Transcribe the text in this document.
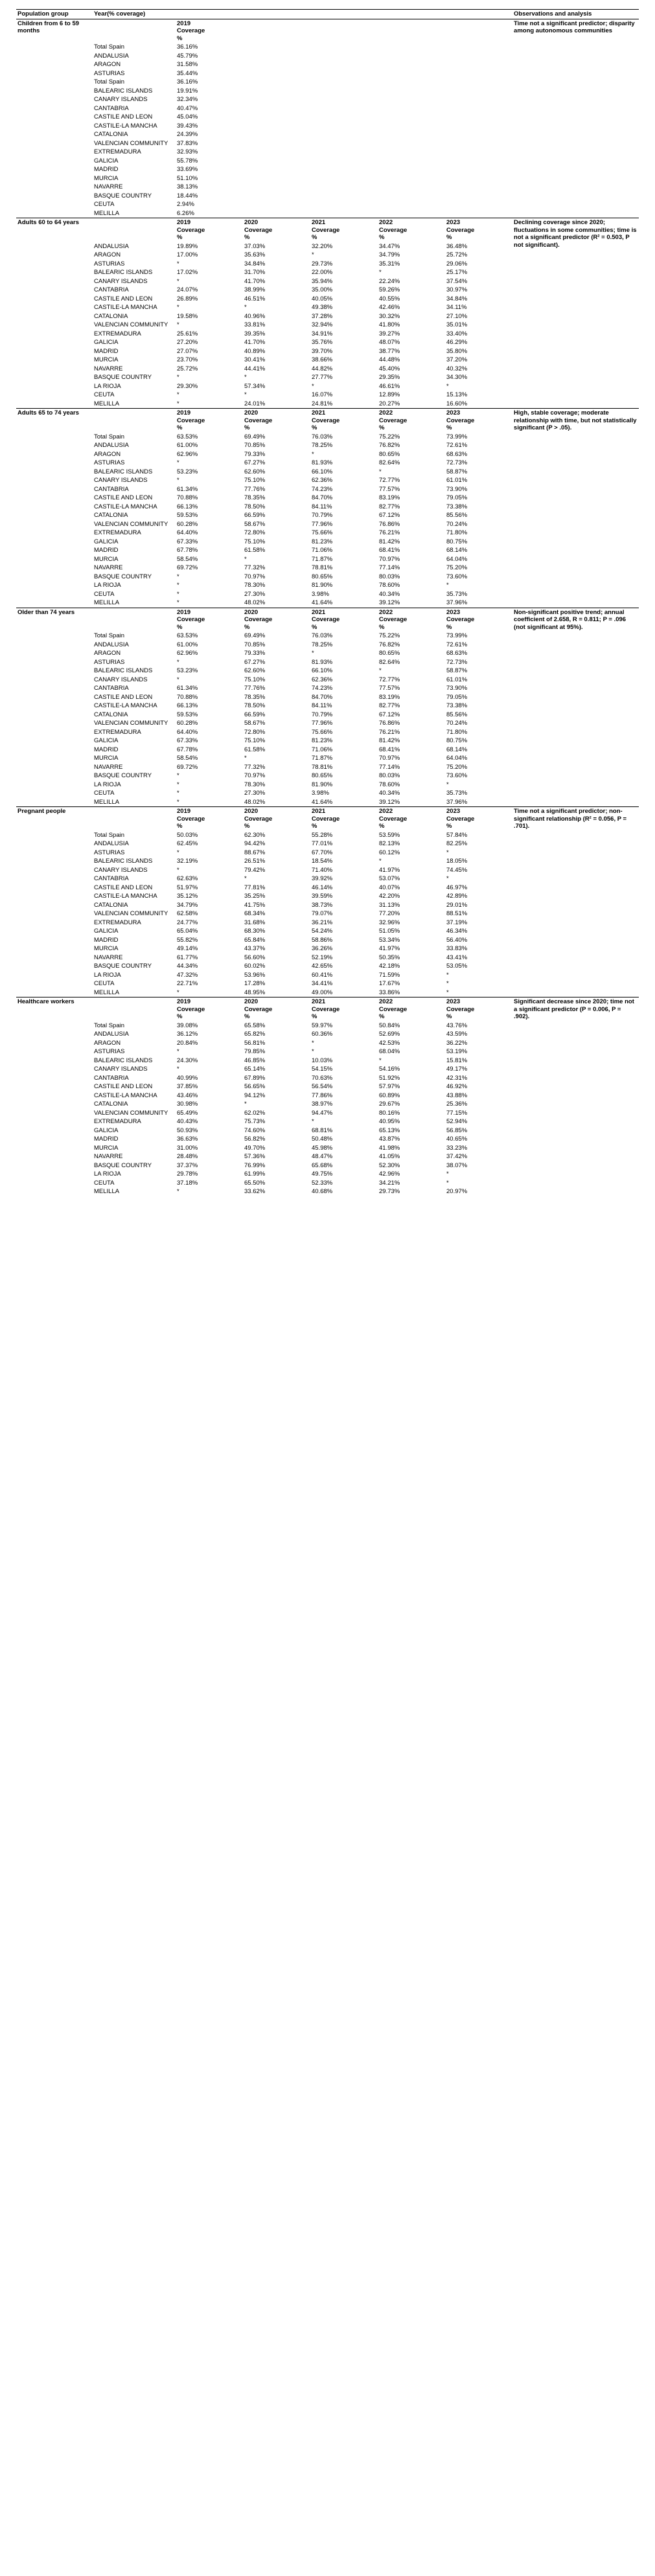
Population group	Year(% coverage)						Observations and analysis
Children from 6 to 59 months		2019
Coverage
%					Time not a significant predictor; disparity among autonomous communities
	Total Spain	36.16%					
	ANDALUSIA	45.79%					
	ARAGON	31.58%					
	ASTURIAS	35.44%					
	Total Spain	36.16%					
	BALEARIC ISLANDS	19.91%					
	CANARY ISLANDS	32.34%					
	CANTABRIA	40.47%					
	CASTILE AND LEON	45.04%					
	CASTILE-LA MANCHA	39.43%					
	CATALONIA	24.39%					
	VALENCIAN COMMUNITY	37.83%					
	EXTREMADURA	32.93%					
	GALICIA	55.78%					
	MADRID	33.69%					
	MURCIA	51.10%					
	NAVARRE	38.13%					
	BASQUE COUNTRY	18.44%					
	CEUTA	2.94%					
	MELILLA	6.26%					
Adults 60 to 64 years		2019
Coverage
%	2020
Coverage
%	2021
Coverage
%	2022
Coverage
%	2023
Coverage
%	Declining coverage since 2020; fluctuations in some communities; time is not a significant predictor (R² = 0.503, P not significant).
	ANDALUSIA	19.89%	37.03%	32.20%	34.47%	36.48%	
	ARAGON	17.00%	35.63%	*	34.79%	25.72%	
	ASTURIAS	*	34.84%	29.73%	35.31%	29.06%	
	BALEARIC ISLANDS	17.02%	31.70%	22.00%	*	25.17%	
	CANARY ISLANDS	*	41.70%	35.94%	22.24%	37.54%	
	CANTABRIA	24.07%	38.99%	35.00%	59.26%	30.97%	
	CASTILE AND LEON	26.89%	46.51%	40.05%	40.55%	34.84%	
	CASTILE-LA MANCHA	*	*	49.38%	42.46%	34.11%	
	CATALONIA	19.58%	40.96%	37.28%	30.32%	27.10%	
	VALENCIAN COMMUNITY	*	33.81%	32.94%	41.80%	35.01%	
	EXTREMADURA	25.61%	39.35%	34.91%	39.27%	33.40%	
	GALICIA	27.20%	41.70%	35.76%	48.07%	46.29%	
	MADRID	27.07%	40.89%	39.70%	38.77%	35.80%	
	MURCIA	23.70%	30.41%	38.66%	44.48%	37.20%	
	NAVARRE	25.72%	44.41%	44.82%	45.40%	40.32%	
	BASQUE COUNTRY	*	*	27.77%	29.35%	34.30%	
	LA RIOJA	29.30%	57.34%	*	46.61%	*	
	CEUTA	*	*	16.07%	12.89%	15.13%	
	MELILLA	*	24.01%	24.81%	20.27%	16.60%	
Adults 65 to 74 years		2019
Coverage
%	2020
Coverage
%	2021
Coverage
%	2022
Coverage
%	2023
Coverage
%	High, stable coverage; moderate relationship with time, but not statistically significant (P > .05).
	Total Spain	63.53%	69.49%	76.03%	75.22%	73.99%	
	ANDALUSIA	61.00%	70.85%	78.25%	76.82%	72.61%	
	ARAGON	62.96%	79.33%	*	80.65%	68.63%	
	ASTURIAS	*	67.27%	81.93%	82.64%	72.73%	
	BALEARIC ISLANDS	53.23%	62.60%	66.10%	*	58.87%	
	CANARY ISLANDS	*	75.10%	62.36%	72.77%	61.01%	
	CANTABRIA	61.34%	77.76%	74.23%	77.57%	73.90%	
	CASTILE AND LEON	70.88%	78.35%	84.70%	83.19%	79.05%	
	CASTILE-LA MANCHA	66.13%	78.50%	84.11%	82.77%	73.38%	
	CATALONIA	59.53%	66.59%	70.79%	67.12%	85.56%	
	VALENCIAN COMMUNITY	60.28%	58.67%	77.96%	76.86%	70.24%	
	EXTREMADURA	64.40%	72.80%	75.66%	76.21%	71.80%	
	GALICIA	67.33%	75.10%	81.23%	81.42%	80.75%	
	MADRID	67.78%	61.58%	71.06%	68.41%	68.14%	
	MURCIA	58.54%	*	71.87%	70.97%	64.04%	
	NAVARRE	69.72%	77.32%	78.81%	77.14%	75.20%	
	BASQUE COUNTRY	*	70.97%	80.65%	80.03%	73.60%	
	LA RIOJA	*	78.30%	81.90%	78.60%	*	
	CEUTA	*	27.30%	3.98%	40.34%	35.73%	
	MELILLA	*	48.02%	41.64%	39.12%	37.96%	
Older than 74 years		2019
Coverage
%	2020
Coverage
%	2021
Coverage
%	2022
Coverage
%	2023
Coverage
%	Non-significant positive trend; annual coefficient of 2.658, R = 0.811; P = .096 (not significant at 95%).
	Total Spain	63.53%	69.49%	76.03%	75.22%	73.99%	
	ANDALUSIA	61.00%	70.85%	78.25%	76.82%	72.61%	
	ARAGON	62.96%	79.33%	*	80.65%	68.63%	
	ASTURIAS	*	67.27%	81.93%	82.64%	72.73%	
	BALEARIC ISLANDS	53.23%	62.60%	66.10%	*	58.87%	
	CANARY ISLANDS	*	75.10%	62.36%	72.77%	61.01%	
	CANTABRIA	61.34%	77.76%	74.23%	77.57%	73.90%	
	CASTILE AND LEON	70.88%	78.35%	84.70%	83.19%	79.05%	
	CASTILE-LA MANCHA	66.13%	78.50%	84.11%	82.77%	73.38%	
	CATALONIA	59.53%	66.59%	70.79%	67.12%	85.56%	
	VALENCIAN COMMUNITY	60.28%	58.67%	77.96%	76.86%	70.24%	
	EXTREMADURA	64.40%	72.80%	75.66%	76.21%	71.80%	
	GALICIA	67.33%	75.10%	81.23%	81.42%	80.75%	
	MADRID	67.78%	61.58%	71.06%	68.41%	68.14%	
	MURCIA	58.54%	*	71.87%	70.97%	64.04%	
	NAVARRE	69.72%	77.32%	78.81%	77.14%	75.20%	
	BASQUE COUNTRY	*	70.97%	80.65%	80.03%	73.60%	
	LA RIOJA	*	78.30%	81.90%	78.60%	*	
	CEUTA	*	27.30%	3.98%	40.34%	35.73%	
	MELILLA	*	48.02%	41.64%	39.12%	37.96%	
Pregnant people		2019
Coverage
%	2020
Coverage
%	2021
Coverage
%	2022
Coverage
%	2023
Coverage
%	Time not a significant predictor; non-significant relationship (R² = 0.056, P = .701).
	Total Spain	50.03%	62.30%	55.28%	53.59%	57.84%	
	ANDALUSIA	62.45%	94.42%	77.01%	82.13%	82.25%	
	ASTURIAS	*	88.67%	67.70%	60.12%	*	
	BALEARIC ISLANDS	32.19%	26.51%	18.54%	*	18.05%	
	CANARY ISLANDS	*	79.42%	71.40%	41.97%	74.45%	
	CANTABRIA	62.63%	*	39.92%	53.07%	*	
	CASTILE AND LEON	51.97%	77.81%	46.14%	40.07%	46.97%	
	CASTILE-LA MANCHA	35.12%	35.25%	39.59%	42.20%	42.89%	
	CATALONIA	34.79%	41.75%	38.73%	31.13%	29.01%	
	VALENCIAN COMMUNITY	62.58%	68.34%	79.07%	77.20%	88.51%	
	EXTREMADURA	24.77%	31.68%	36.21%	32.96%	37.19%	
	GALICIA	65.04%	68.30%	54.24%	51.05%	46.34%	
	MADRID	55.82%	65.84%	58.86%	53.34%	56.40%	
	MURCIA	49.14%	43.37%	36.26%	41.97%	33.83%	
	NAVARRE	61.77%	56.60%	52.19%	50.35%	43.41%	
	BASQUE COUNTRY	44.34%	60.02%	42.65%	42.18%	53.05%	
	LA RIOJA	47.32%	53.96%	60.41%	71.59%	*	
	CEUTA	22.71%	17.28%	34.41%	17.67%	*	
	MELILLA	*	48.95%	49.00%	33.86%	*	
Healthcare workers		2019
Coverage
%	2020
Coverage
%	2021
Coverage
%	2022
Coverage
%	2023
Coverage
%	Significant decrease since 2020; time not a significant predictor (P = 0.006, P = .902).
	Total Spain	39.08%	65.58%	59.97%	50.84%	43.76%	
	ANDALUSIA	36.12%	65.82%	60.36%	52.69%	43.59%	
	ARAGON	20.84%	56.81%	*	42.53%	36.22%	
	ASTURIAS	*	79.85%	*	68.04%	53.19%	
	BALEARIC ISLANDS	24.30%	46.85%	10.03%	*	15.81%	
	CANARY ISLANDS	*	65.14%	54.15%	54.16%	49.17%	
	CANTABRIA	40.99%	67.89%	70.63%	51.92%	42.31%	
	CASTILE AND LEON	37.85%	56.65%	56.54%	57.97%	46.92%	
	CASTILE-LA MANCHA	43.46%	94.12%	77.86%	60.89%	43.88%	
	CATALONIA	30.98%	*	38.97%	29.67%	25.36%	
	VALENCIAN COMMUNITY	65.49%	62.02%	94.47%	80.16%	77.15%	
	EXTREMADURA	40.43%	75.73%	*	40.95%	52.94%	
	GALICIA	50.93%	74.60%	68.81%	65.13%	56.85%	
	MADRID	36.63%	56.82%	50.48%	43.87%	40.65%	
	MURCIA	31.00%	49.70%	45.98%	41.98%	33.23%	
	NAVARRE	28.48%	57.36%	48.47%	41.05%	37.42%	
	BASQUE COUNTRY	37.37%	76.99%	65.68%	52.30%	38.07%	
	LA RIOJA	29.78%	61.99%	49.75%	42.96%	*	
	CEUTA	37.18%	65.50%	52.33%	34.21%	*	
	MELILLA	*	33.62%	40.68%	29.73%	20.97%	
